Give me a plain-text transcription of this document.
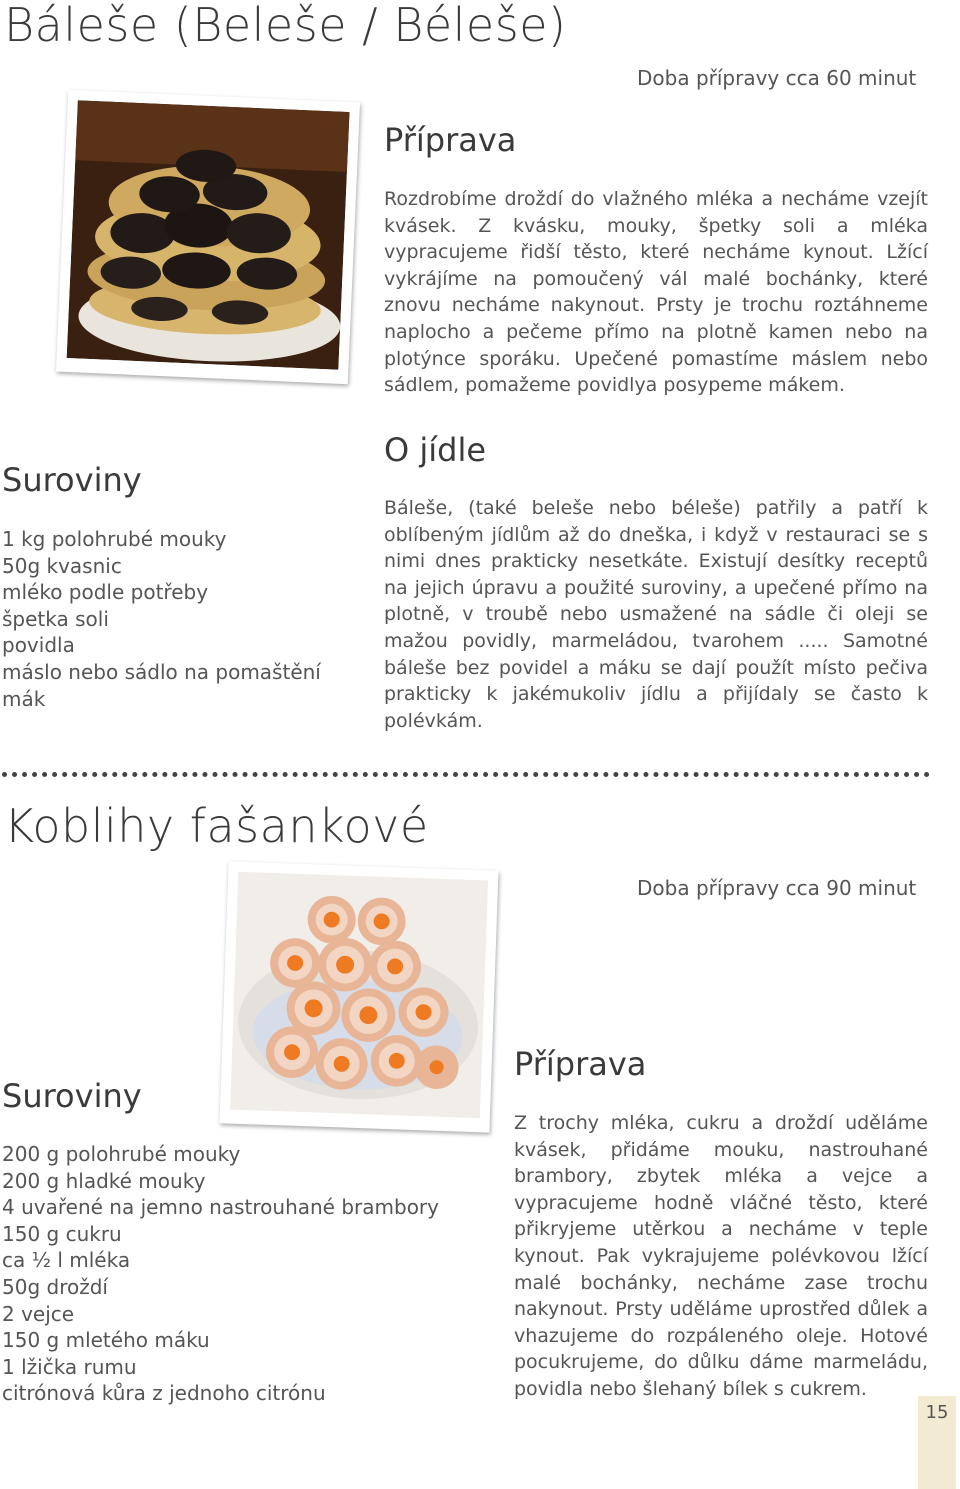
Báleše (Beleše / Béleše)
Doba přípravy cca 60 minut
Příprava

Rozdrobíme droždí do vlažného mléka a necháme vzejít kvásek. Z kvásku, mouky, špetky soli a mléka vypracujeme řidší těsto, které necháme kynout. Lžící vykrájíme na pomoučený vál malé bochánky, které znovu necháme nakynout. Prsty je trochu roztáhneme naplocho a pečeme přímo na plotně kamen nebo na plotýnce sporáku. Upečené pomastíme máslem nebo sádlem, pomažeme povidlya posypeme mákem.

O jídle

Báleše, (také beleše nebo béleše) patřily a patří k oblíbeným jídlům až do dneška, i když v restauraci se s nimi dnes prakticky nesetkáte. Existují desítky receptů na jejich úpravu a použité suroviny, a upečené přímo na plotně, v troubě nebo usmažené na sádle či oleji se mažou povidly, marmeládou, tvarohem ..... Samotné báleše bez povidel a máku se dají použít místo pečiva prakticky k jakémukoliv jídlu a přijídaly se často k polévkám.

Suroviny
1 kg polohrubé mouky
50g kvasnic
mléko podle potřeby
špetka soli
povidla
máslo nebo sádlo na pomaštění
mák
Koblihy fašankové
Doba přípravy cca 90 minut
Suroviny
200 g polohrubé mouky
200 g hladké mouky
4 uvařené na jemno nastrouhané brambory
150 g cukru
ca ½ l mléka
50g droždí
2 vejce
150 g mletého máku
1 lžička rumu
citrónová kůra z jednoho citrónu
Příprava

Z trochy mléka, cukru a droždí uděláme kvásek, přidáme mouku, nastrouhané brambory, zbytek mléka a vejce a vypracujeme hodně vláčné těsto, které přikryjeme utěrkou a necháme v teple kynout. Pak vykrajujeme polévkovou lžící malé bochánky, necháme zase trochu nakynout. Prsty uděláme uprostřed důlek a vhazujeme do rozpáleného oleje. Hotové pocukrujeme, do důlku dáme marmeládu, povidla nebo šlehaný bílek s cukrem.

15
